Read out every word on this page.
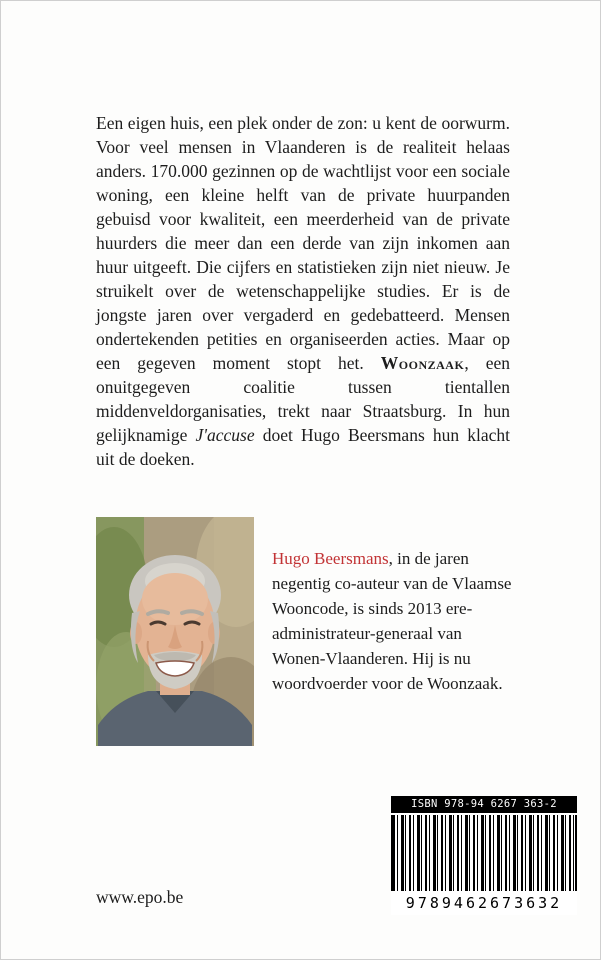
Een eigen huis, een plek onder de zon: u kent de oorwurm. Voor veel mensen in Vlaanderen is de realiteit helaas anders. 170.000 gezinnen op de wachtlijst voor een sociale woning, een kleine helft van de private huurpanden gebuisd voor kwaliteit, een meerderheid van de private huurders die meer dan een derde van zijn inkomen aan huur uitgeeft. Die cijfers en statistieken zijn niet nieuw. Je struikelt over de wetenschappelijke studies. Er is de jongste jaren over vergaderd en gedebatteerd. Mensen ondertekenden petities en organiseerden acties. Maar op een gegeven moment stopt het. Woonzaak, een onuitgegeven coalitie tussen tientallen middenveldorganisaties, trekt naar Straatsburg. In hun gelijknamige J'accuse doet Hugo Beersmans hun klacht uit de doeken.

Hugo Beersmans, in de jaren negentig co-auteur van de Vlaamse Wooncode, is sinds 2013 ere-administrateur-generaal van Wonen-Vlaanderen. Hij is nu woordvoerder voor de Woonzaak.

www.epo.be
ISBN 978-94 6267 363-2
9789462673632
